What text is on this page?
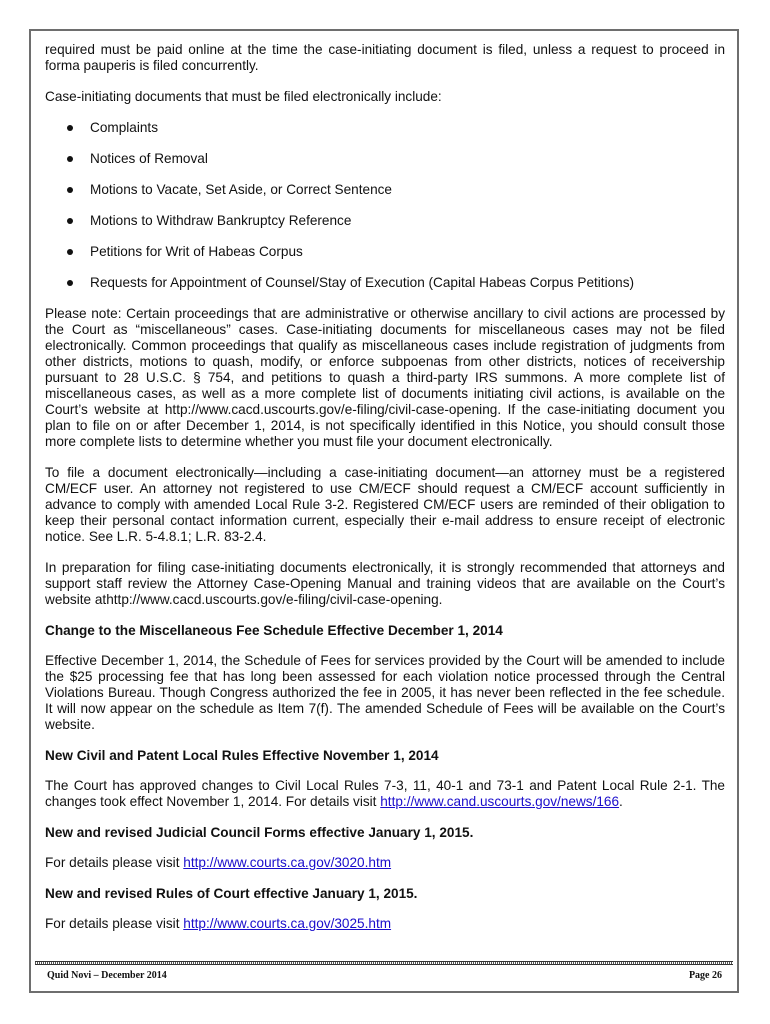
required must be paid online at the time the case-initiating document is filed, unless a request to proceed in forma pauperis is filed concurrently.

Case-initiating documents that must be filed electronically include:

Complaints
Notices of Removal
Motions to Vacate, Set Aside, or Correct Sentence
Motions to Withdraw Bankruptcy Reference
Petitions for Writ of Habeas Corpus
Requests for Appointment of Counsel/Stay of Execution (Capital Habeas Corpus Petitions)

Please note: Certain proceedings that are administrative or otherwise ancillary to civil actions are processed by the Court as “miscellaneous” cases. Case-initiating documents for miscellaneous cases may not be filed electronically. Common proceedings that qualify as miscellaneous cases include registration of judgments from other districts, motions to quash, modify, or enforce subpoenas from other districts, notices of receivership pursuant to 28 U.S.C. § 754, and petitions to quash a third-party IRS summons. A more complete list of miscellaneous cases, as well as a more complete list of documents initiating civil actions, is available on the Court’s website at http://www.cacd.uscourts.gov/e-filing/civil-case-opening. If the case-initiating document you plan to file on or after December 1, 2014, is not specifically identified in this Notice, you should consult those more complete lists to determine whether you must file your document electronically.

To file a document electronically—including a case-initiating document—an attorney must be a registered CM/ECF user. An attorney not registered to use CM/ECF should request a CM/ECF account sufficiently in advance to comply with amended Local Rule 3-2. Registered CM/ECF users are reminded of their obligation to keep their personal contact information current, especially their e-mail address to ensure receipt of electronic notice. See L.R. 5-4.8.1; L.R. 83-2.4.

In preparation for filing case-initiating documents electronically, it is strongly recommended that attorneys and support staff review the Attorney Case-Opening Manual and training videos that are available on the Court’s website athttp://www.cacd.uscourts.gov/e-filing/civil-case-opening.

Change to the Miscellaneous Fee Schedule Effective December 1, 2014

Effective December 1, 2014, the Schedule of Fees for services provided by the Court will be amended to include the $25 processing fee that has long been assessed for each violation notice processed through the Central Violations Bureau. Though Congress authorized the fee in 2005, it has never been reflected in the fee schedule. It will now appear on the schedule as Item 7(f). The amended Schedule of Fees will be available on the Court’s website.

New Civil and Patent Local Rules Effective November 1, 2014

The Court has approved changes to Civil Local Rules 7-3, 11, 40-1 and 73-1 and Patent Local Rule 2-1. The changes took effect November 1, 2014. For details visit http://www.cand.uscourts.gov/news/166.

New and revised Judicial Council Forms effective January 1, 2015.

For details please visit http://www.courts.ca.gov/3020.htm

New and revised Rules of Court effective January 1, 2015.

For details please visit http://www.courts.ca.gov/3025.htm

Quid Novi – December 2014	Page 26
